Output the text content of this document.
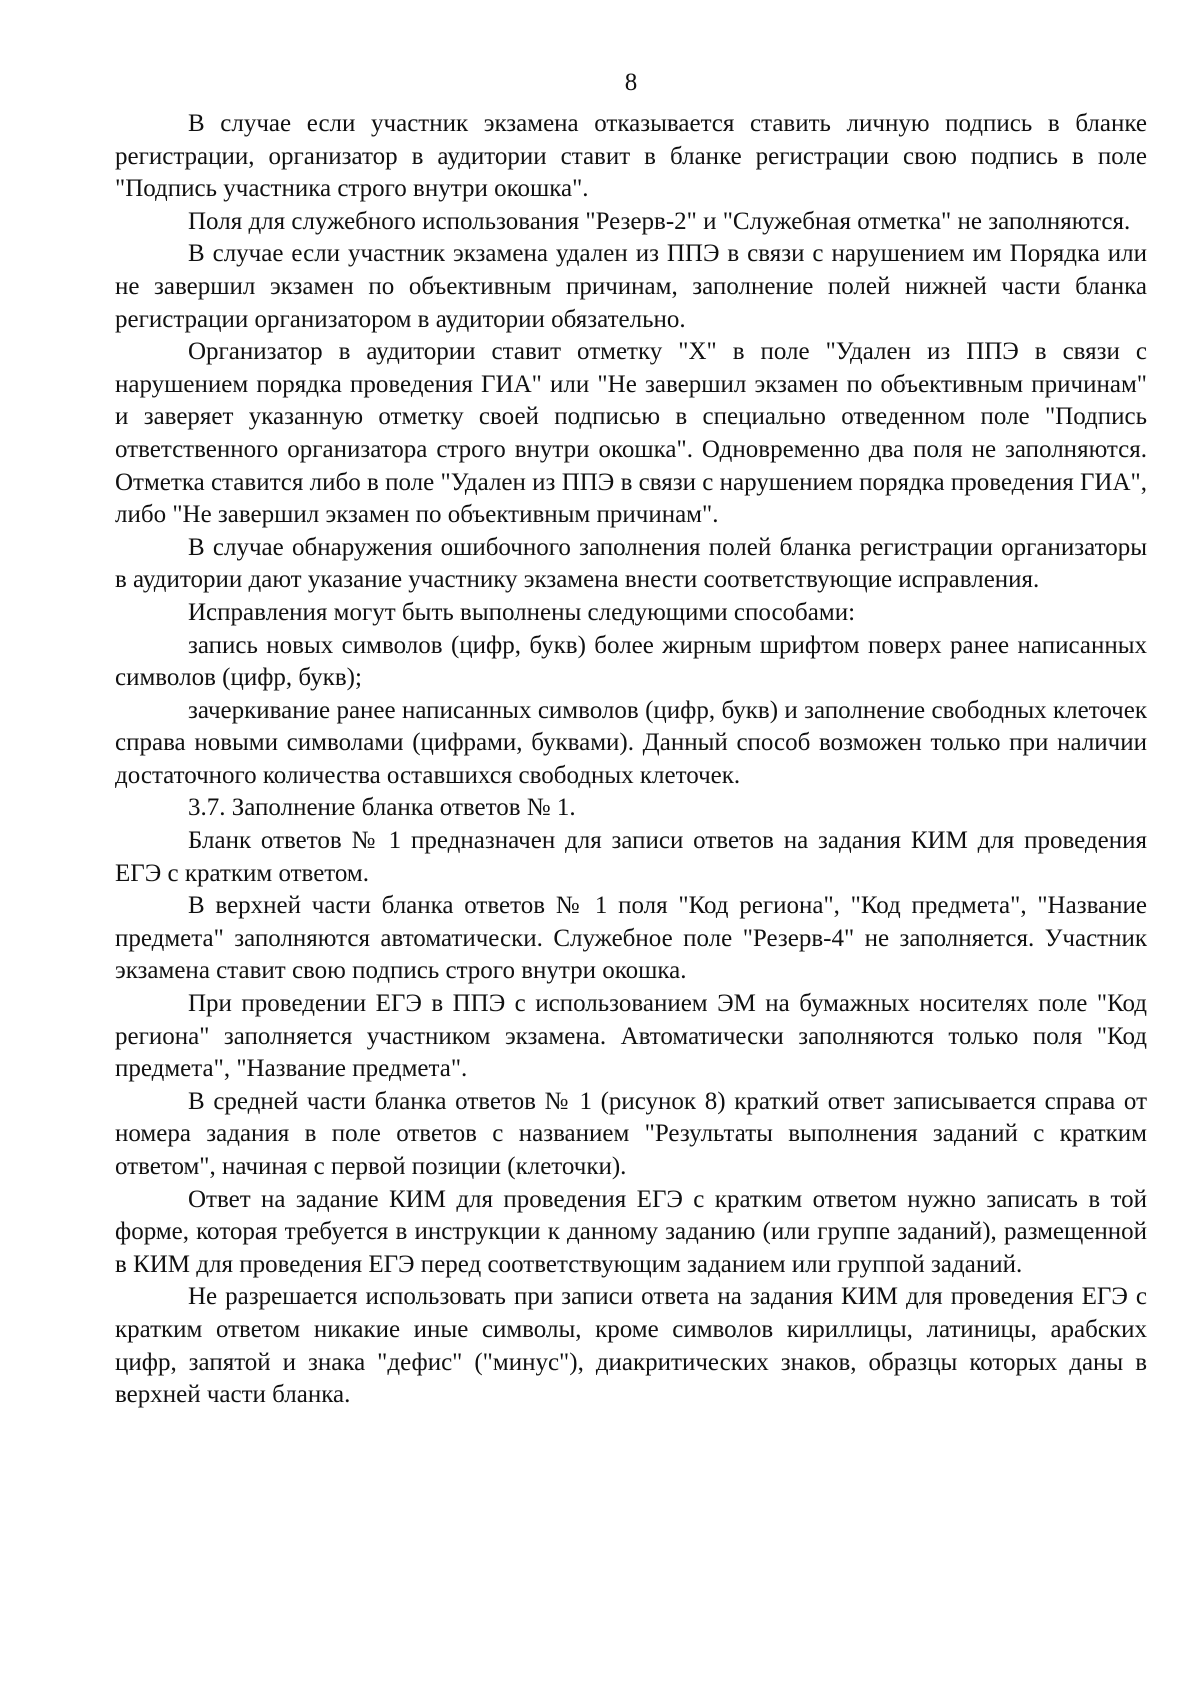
8

В случае если участник экзамена отказывается ставить личную подпись в бланке регистрации, организатор в аудитории ставит в бланке регистрации свою подпись в поле "Подпись участника строго внутри окошка".

Поля для служебного использования "Резерв-2" и "Служебная отметка" не заполняются.

В случае если участник экзамена удален из ППЭ в связи с нарушением им Порядка или не завершил экзамен по объективным причинам, заполнение полей нижней части бланка регистрации организатором в аудитории обязательно.

Организатор в аудитории ставит отметку "X" в поле "Удален из ППЭ в связи с нарушением порядка проведения ГИА" или "Не завершил экзамен по объективным причинам" и заверяет указанную отметку своей подписью в специально отведенном поле "Подпись ответственного организатора строго внутри окошка". Одновременно два поля не заполняются. Отметка ставится либо в поле "Удален из ППЭ в связи с нарушением порядка проведения ГИА", либо "Не завершил экзамен по объективным причинам".

В случае обнаружения ошибочного заполнения полей бланка регистрации организаторы в аудитории дают указание участнику экзамена внести соответствующие исправления.

Исправления могут быть выполнены следующими способами:

запись новых символов (цифр, букв) более жирным шрифтом поверх ранее написанных символов (цифр, букв);

зачеркивание ранее написанных символов (цифр, букв) и заполнение свободных клеточек справа новыми символами (цифрами, буквами). Данный способ возможен только при наличии достаточного количества оставшихся свободных клеточек.

3.7. Заполнение бланка ответов № 1.

Бланк ответов № 1 предназначен для записи ответов на задания КИМ для проведения ЕГЭ с кратким ответом.

В верхней части бланка ответов № 1 поля "Код региона", "Код предмета", "Название предмета" заполняются автоматически. Служебное поле "Резерв-4" не заполняется. Участник экзамена ставит свою подпись строго внутри окошка.

При проведении ЕГЭ в ППЭ с использованием ЭМ на бумажных носителях поле "Код региона" заполняется участником экзамена. Автоматически заполняются только поля "Код предмета", "Название предмета".

В средней части бланка ответов № 1 (рисунок 8) краткий ответ записывается справа от номера задания в поле ответов с названием "Результаты выполнения заданий с кратким ответом", начиная с первой позиции (клеточки).

Ответ на задание КИМ для проведения ЕГЭ с кратким ответом нужно записать в той форме, которая требуется в инструкции к данному заданию (или группе заданий), размещенной в КИМ для проведения ЕГЭ перед соответствующим заданием или группой заданий.

Не разрешается использовать при записи ответа на задания КИМ для проведения ЕГЭ с кратким ответом никакие иные символы, кроме символов кириллицы, латиницы, арабских цифр, запятой и знака "дефис" ("минус"), диакритических знаков, образцы которых даны в верхней части бланка.
